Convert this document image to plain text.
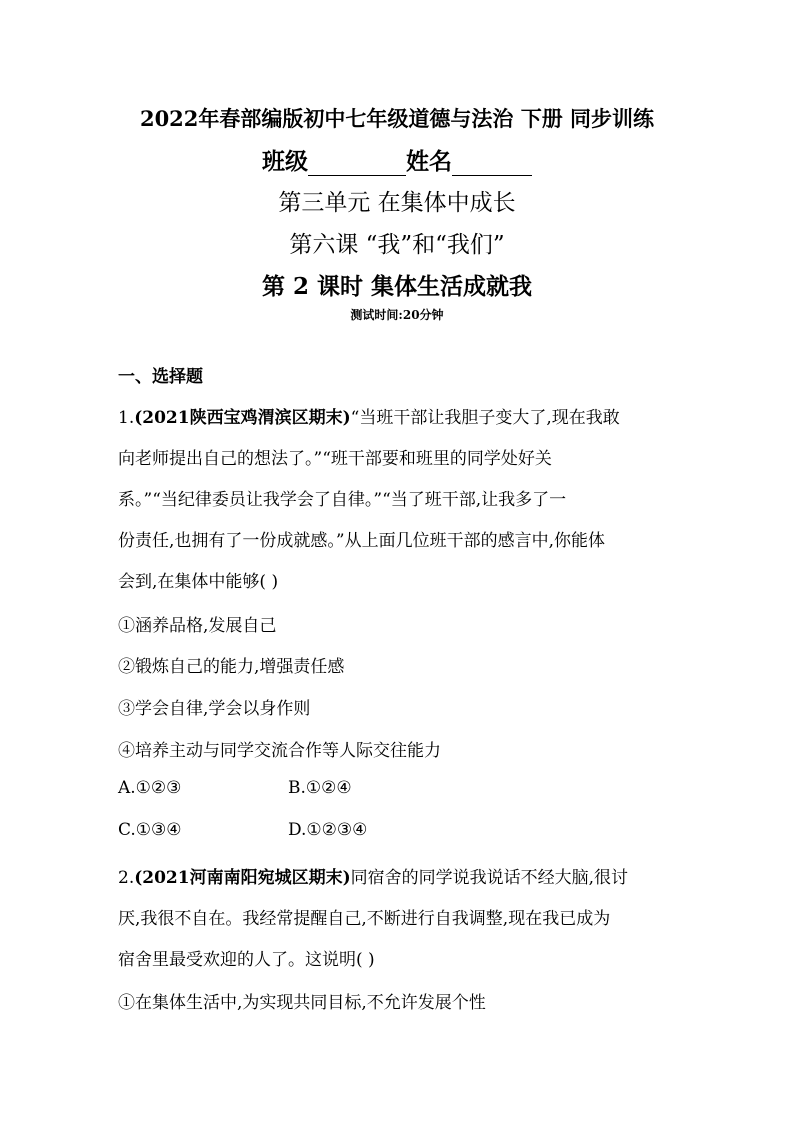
2022年春部编版初中七年级道德与法治 下册 同步训练
班级	姓名
第三单元 在集体中成长
第六课 “我”和“我们”
第 2 课时 集体生活成就我
测试时间:20分钟
一、选择题
1.(2021陕西宝鸡渭滨区期末)“当班干部让我胆子变大了,现在我敢
向老师提出自己的想法了。”“班干部要和班里的同学处好关
系。”“当纪律委员让我学会了自律。”“当了班干部,让我多了一
份责任,也拥有了一份成就感。”从上面几位班干部的感言中,你能体
会到,在集体中能够( )
①涵养品格,发展自己
②锻炼自己的能力,增强责任感
③学会自律,学会以身作则
④培养主动与同学交流合作等人际交往能力
A.①②③	B.①②④
C.①③④	D.①②③④
2.(2021河南南阳宛城区期末)同宿舍的同学说我说话不经大脑,很讨
厌,我很不自在。我经常提醒自己,不断进行自我调整,现在我已成为
宿舍里最受欢迎的人了。这说明( )
①在集体生活中,为实现共同目标,不允许发展个性
